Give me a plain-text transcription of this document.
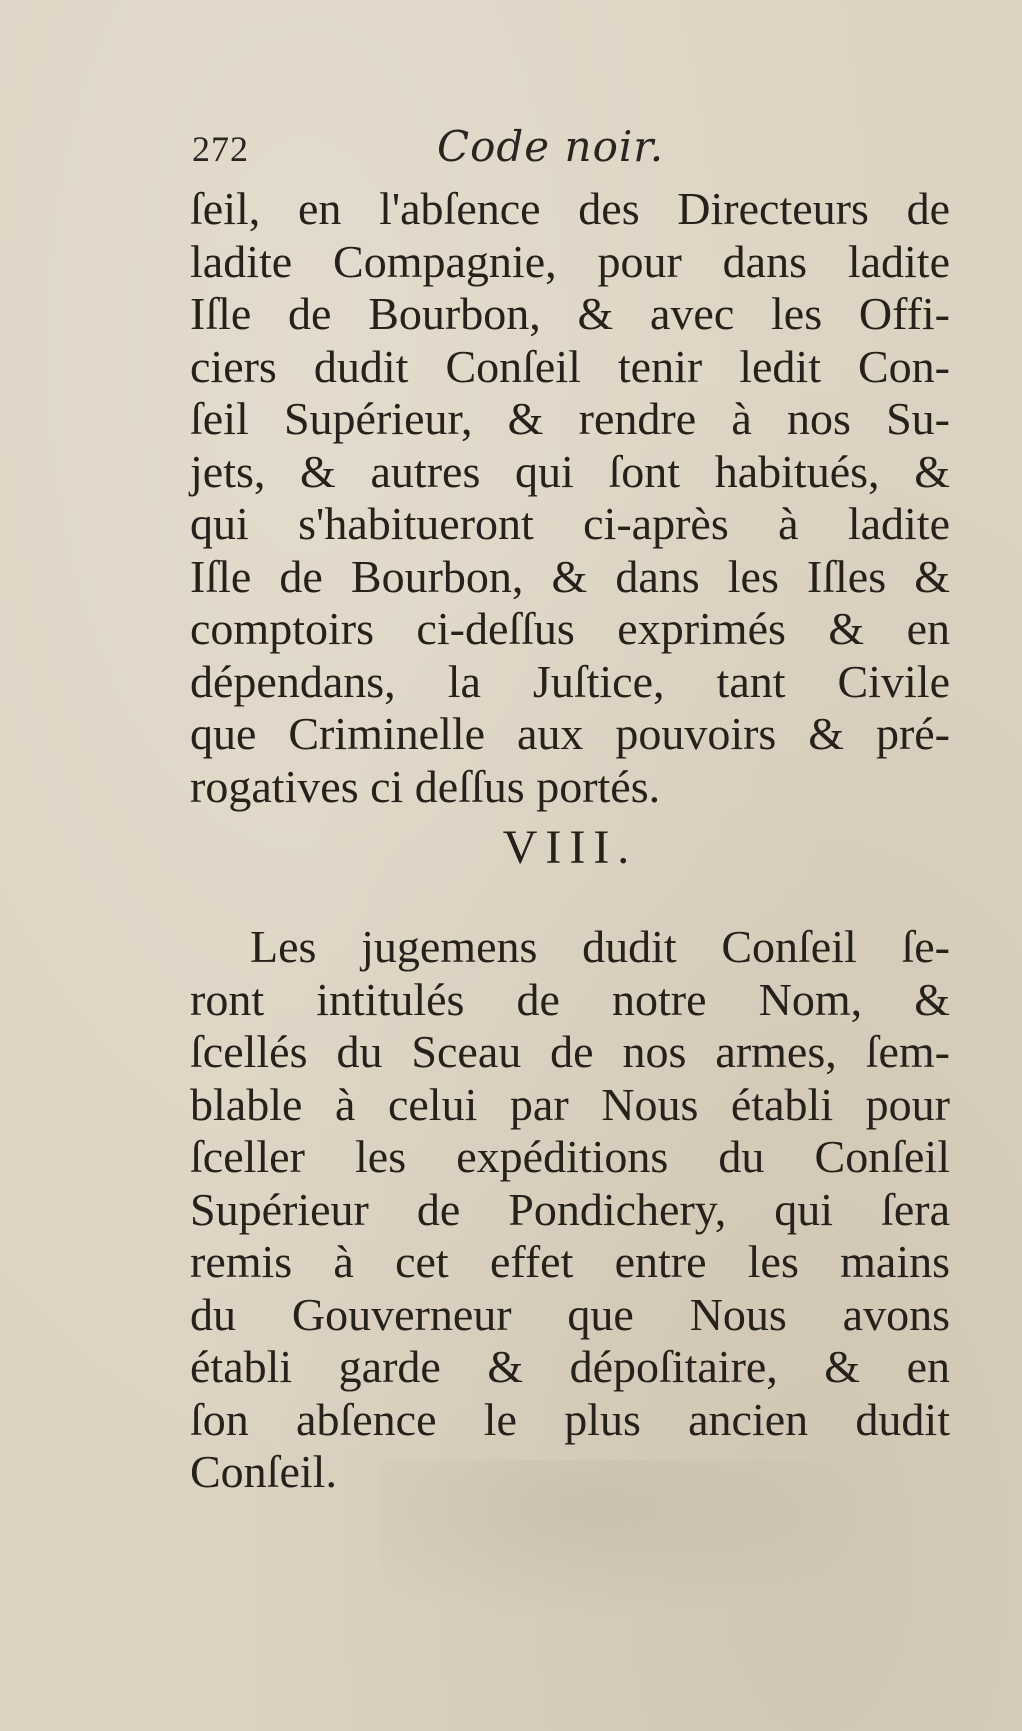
272	Code noir.
ſeil, en l'abſence des Directeurs de
ladite Compagnie, pour dans ladite
Iſle de Bourbon, & avec les Offi-
ciers dudit Conſeil tenir ledit Con-
ſeil Supérieur, & rendre à nos Su-
jets, & autres qui ſont habitués, &
qui s'habitueront ci-après à ladite
Iſle de Bourbon, & dans les Iſles &
comptoirs ci-deſſus exprimés & en
dépendans, la Juſtice, tant Civile
que Criminelle aux pouvoirs & pré-
rogatives ci deſſus portés.
VIII.
Les jugemens dudit Conſeil ſe-
ront intitulés de notre Nom, &
ſcellés du Sceau de nos armes, ſem-
blable à celui par Nous établi pour
ſceller les expéditions du Conſeil
Supérieur de Pondichery, qui ſera
remis à cet effet entre les mains
du Gouverneur que Nous avons
établi garde & dépoſitaire, & en
ſon abſence le plus ancien dudit
Conſeil.
